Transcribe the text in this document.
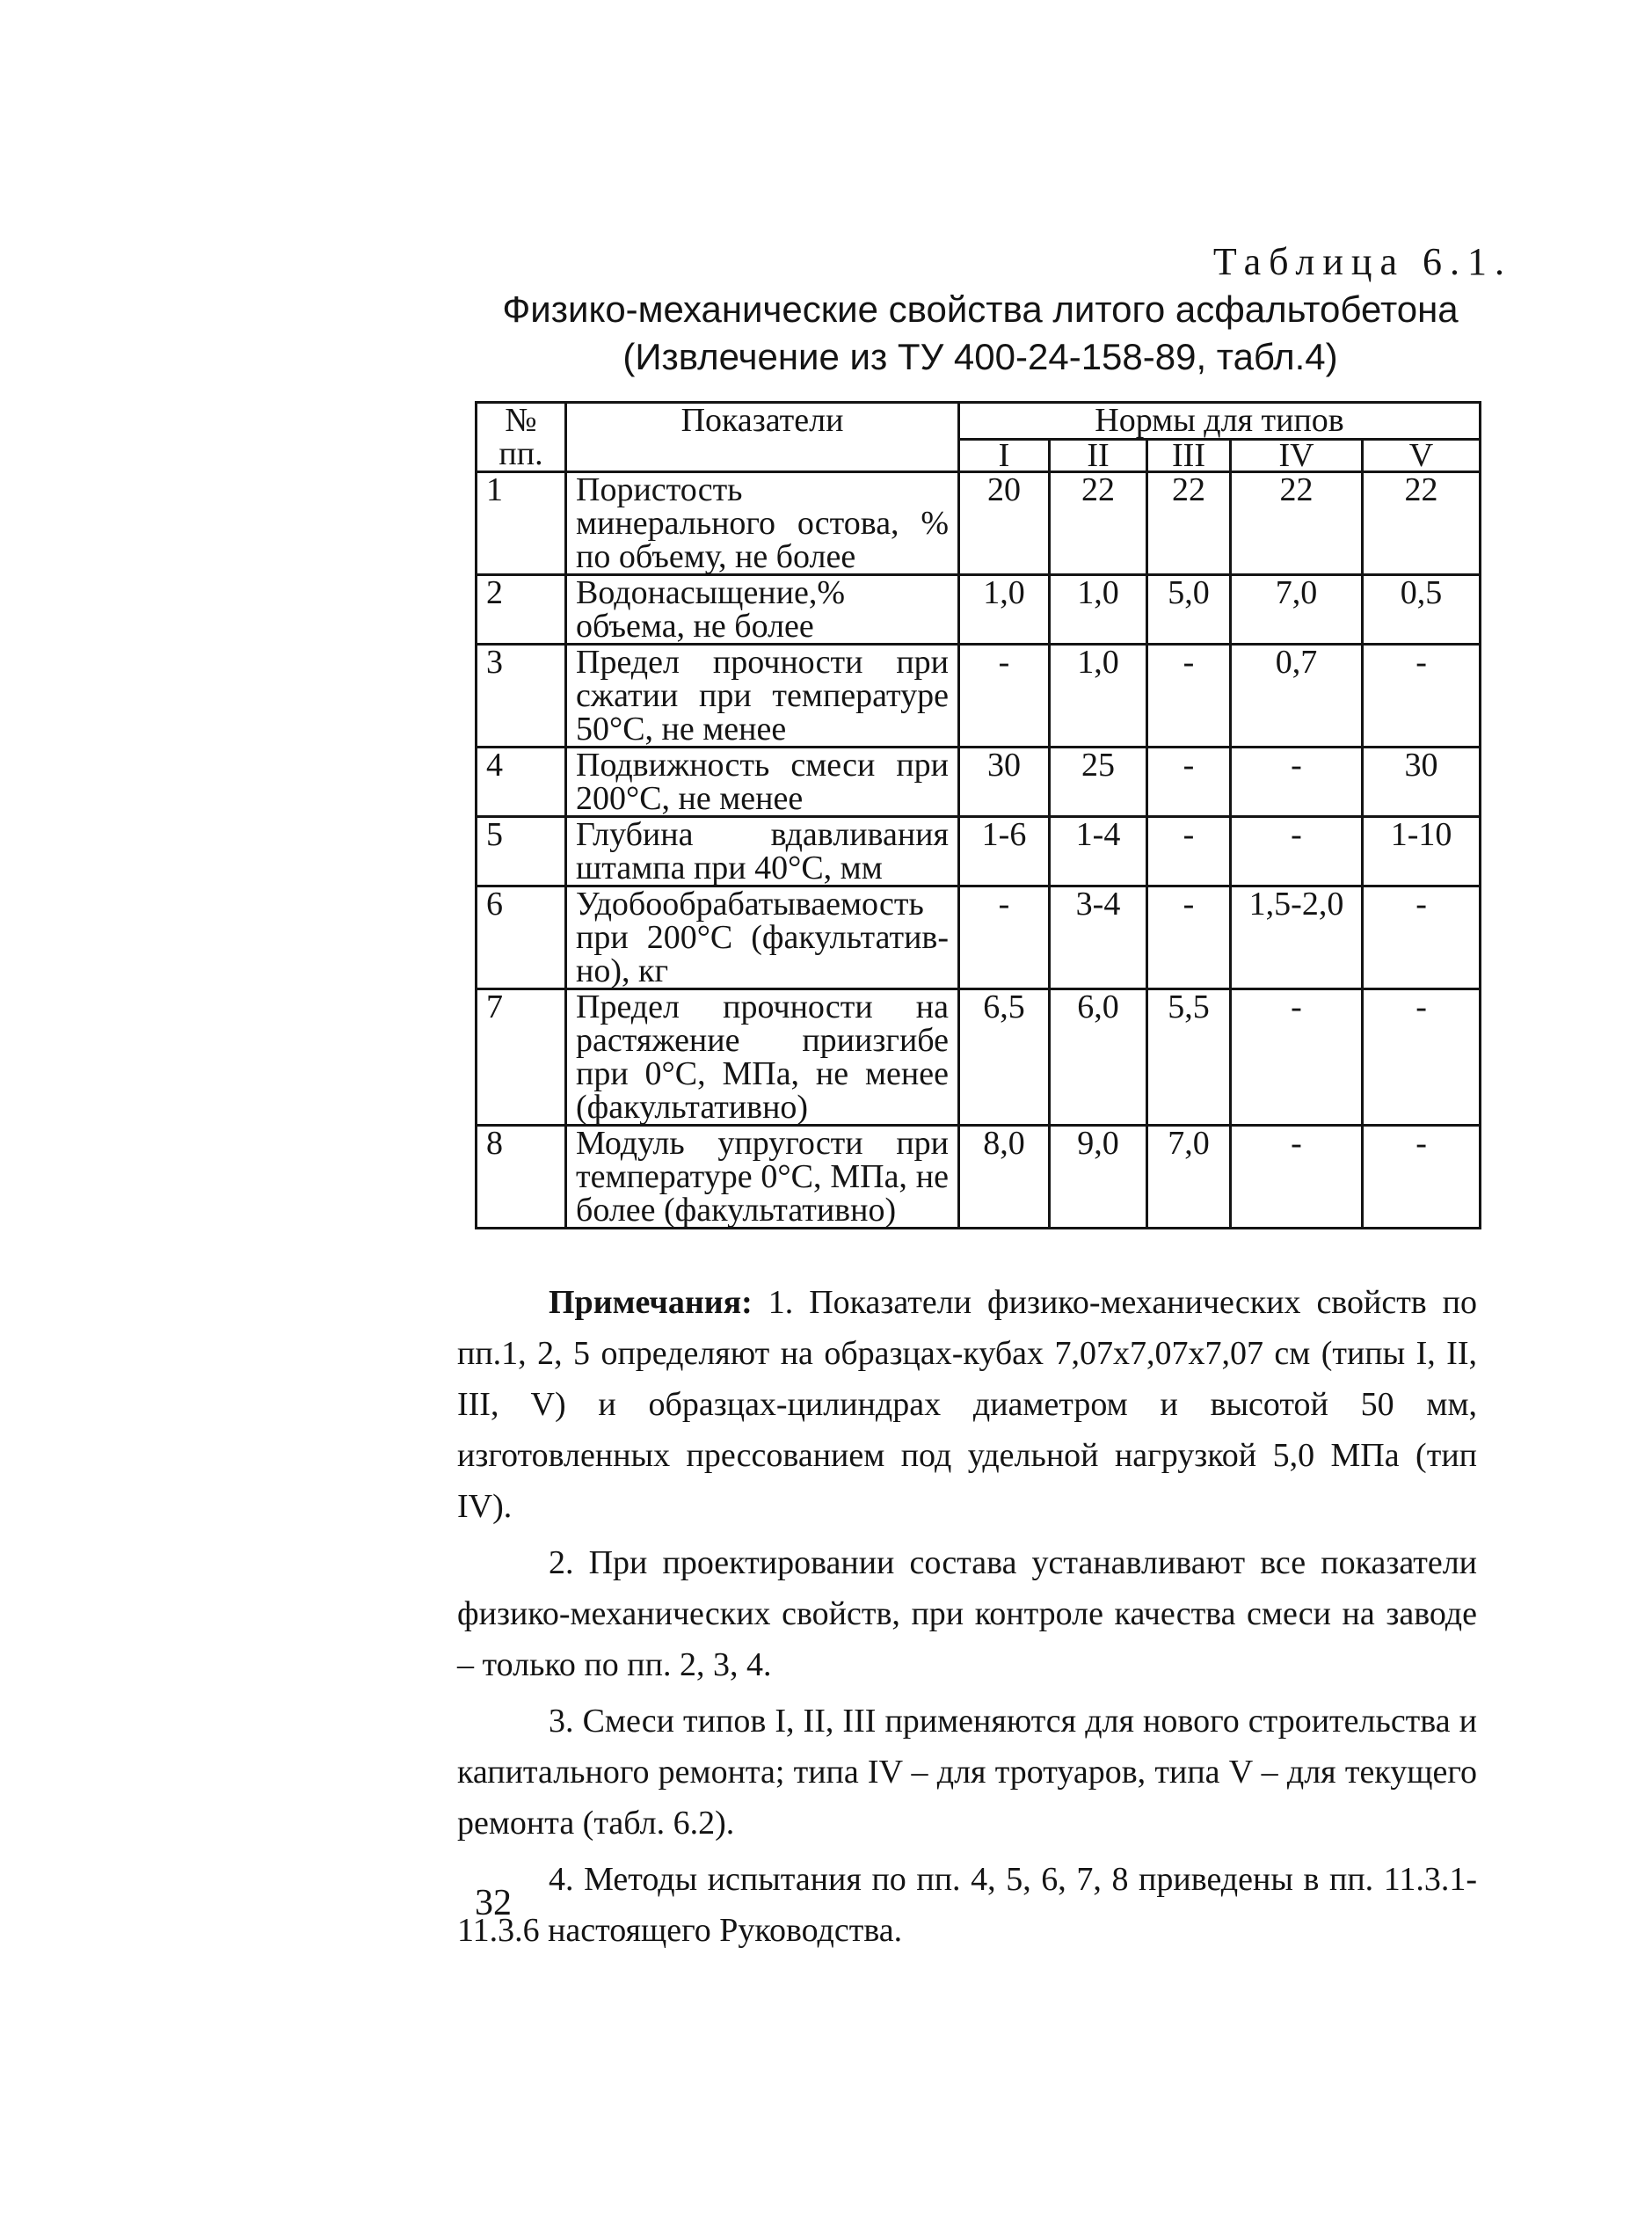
Таблица 6.1.
Физико-механические свойства литого асфальтобетона
(Извлечение из ТУ 400-24-158-89, табл.4)
№ пп.	Показатели	Нормы для типов				
		I	II	III	IV	V
1	Пористость минерального остова, % по объему, не более	20	22	22	22	22
2	Водонасыщение,% объема, не более	1,0	1,0	5,0	7,0	0,5
3	Предел прочности при сжатии при температуре 50°С, не менее	-	1,0	-	0,7	-
4	Подвижность смеси при 200°С, не менее	30	25	-	-	30
5	Глубина вдавливания штампа при 40°С, мм	1-6	1-4	-	-	1-10
6	Удобообрабатываемость при 200°С (факультатив-но), кг	-	3-4	-	1,5-2,0	-
7	Предел прочности на растяжение приизгибе при 0°С, МПа, не менее (факультативно)	6,5	6,0	5,5	-	-
8	Модуль упругости при температуре 0°С, МПа, не более (факультативно)	8,0	9,0	7,0	-	-

Примечания: 1. Показатели физико-механических свойств по пп.1, 2, 5 определяют на образцах-кубах 7,07х7,07х7,07 см (типы I, II, III, V) и образцах-цилиндрах диаметром и высотой 50 мм, изготовленных прессованием под удельной нагрузкой 5,0 МПа (тип IV).

2. При проектировании состава устанавливают все показатели физико-механических свойств, при контроле качества смеси на заводе – только по пп. 2, 3, 4.

3. Смеси типов I, II, III применяются для нового строительства и капитального ремонта; типа IV – для тротуаров, типа V – для текущего ремонта (табл. 6.2).

4. Методы испытания по пп. 4, 5, 6, 7, 8 приведены в пп. 11.3.1-11.3.6 настоящего Руководства.

32
